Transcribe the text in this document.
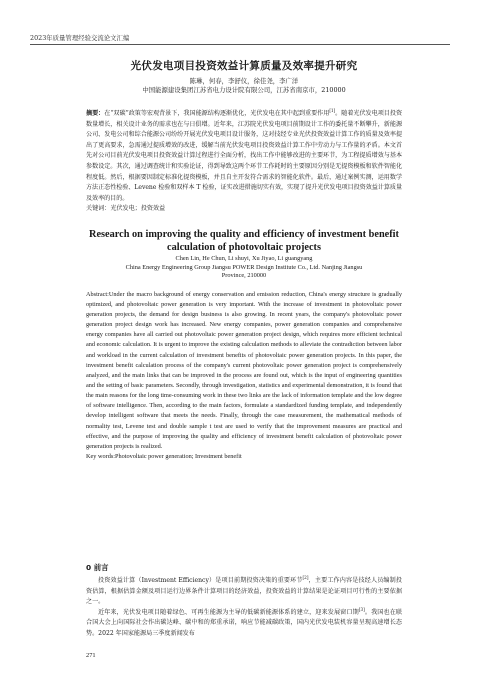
2023年质量管理经验交流论文汇编
光伏发电项目投资效益计算质量及效率提升研究
陈琳，何春，李舒仪，徐佳尧，李广洋
中国能源建设集团江苏省电力设计院有限公司，江苏省南京市，210000
摘要：在“双碳”政策等宏观背景下，我国能源结构逐渐优化，光伏发电在其中起到重要作用[1]。随着光伏发电项目投资数量增长，相关设计业务的需求也在与日俱增。近年来，江苏院光伏发电项目前期设计工作的委托量不断攀升，新能源公司、发电公司和综合能源公司纷纷开展光伏发电项目设计服务，这对技经专业光伏投资效益计算工作的质量及效率提出了更高要求，急需通过提质增效的改进，缓解当前光伏发电项目投资效益计算工作中劳动力与工作量的矛盾。本文首先对公司目前光伏发电项目投资效益计算过程进行全面分析，找出工作中能够改进的主要环节，为工程提质增效与基本参数设定。其次，通过调查统计和实验论证，得到导致这两个环节工作耗时的主要原因分别是无提资模板和软件智能化程度低。然后，根据要因制定标准化提资模板，并且自主开发符合需求的智能化软件。最后，通过案例实测，运用数学方法正态性检验、Levene 检验和双样本 T 检验，证实改进措施切实有效，实现了提升光伏发电项目投资效益计算质量及效率的目的。
关键词：光伏发电；投资效益
Research on improving the quality and efficiency of investment benefit calculation of photovoltaic projects
Chen Lin, He Chun, Li shuyi, Xu Jiyao, Li guangyang
China Energy Engineering Group Jiangsu POWER Design Institute Co., Ltd. Nanjing Jiangsu
Province, 210000
Abstract:Under the macro background of energy conservation and emission reduction, China's energy structure is gradually optimized, and photovoltaic power generation is very important. With the increase of investment in photovoltaic power generation projects, the demand for design business is also growing. In recent years, the company's photovoltaic power generation project design work has increased. New energy companies, power generation companies and comprehensive energy companies have all carried out photovoltaic power generation project design, which requires more efficient technical and economic calculation. It is urgent to improve the existing calculation methods to alleviate the contradiction between labor and workload in the current calculation of investment benefits of photovoltaic power generation projects. In this paper, the investment benefit calculation process of the company's current photovoltaic power generation project is comprehensively analyzed, and the main links that can be improved in the process are found out, which is the input of engineering quantities and the setting of basic parameters. Secondly, through investigation, statistics and experimental demonstration, it is found that the main reasons for the long time-consuming work in these two links are the lack of information template and the low degree of software intelligence. Then, according to the main factors, formulate a standardized funding template, and independently develop intelligent software that meets the needs. Finally, through the case measurement, the mathematical methods of normality test, Levene test and double sample t test are used to verify that the improvement measures are practical and effective, and the purpose of improving the quality and efficiency of investment benefit calculation of photovoltaic power generation projects is realized.
Key words:Photovoltaic power generation; Investment benefit
0 前言

投资效益计算（Investment Efficiency）是项目前期投资决策的重要环节[2]，主要工作内容是技经人员编制投资估算，根据估算金额及项目运行边界条件计算项目的经济效益，投资效益的计算结果是论证项目可行性的主要依据之一。

近年来，光伏发电项目随着绿色、可再生能源为主导的低碳新能源体系的建立，迎来发展窗口期[3]。我国也在联合国大会上向国际社会作出碳达峰、碳中和的郑重承诺，响应节能减碳政策，国内光伏发电装机容量呈现高速增长态势。2022 年国家能源局三季度新闻发布

271
